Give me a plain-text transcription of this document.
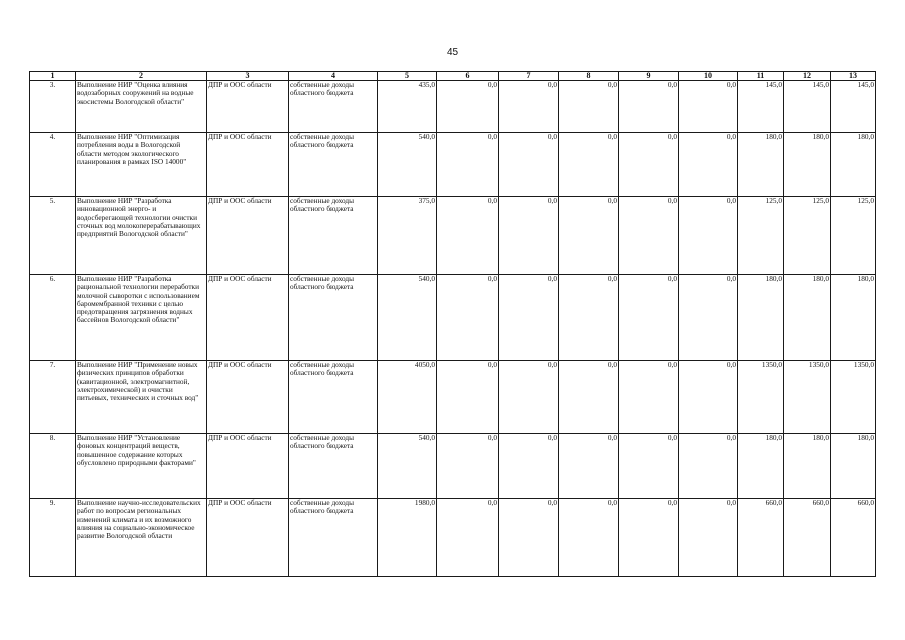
45
1	2	3	4	5	6	7	8	9	10	11	12	13
3.	Выполнение НИР "Оценка влияния водозаборных сооружений на водные экосистемы Вологодской области"	ДПР и ООС области	собственные доходы областного бюджета	435,0	0,0	0,0	0,0	0,0	0,0	145,0	145,0	145,0
4.	Выполнение НИР "Оптимизация потребления воды в Вологодской области методом экологического планирования в рамках ISO 14000"	ДПР и ООС области	собственные доходы областного бюджета	540,0	0,0	0,0	0,0	0,0	0,0	180,0	180,0	180,0
5.	Выполнение НИР "Разработка инновационной энерго- и водосберегающей технологии очистки сточных вод молокоперерабатывающих предприятий Вологодской области"	ДПР и ООС области	собственные доходы областного бюджета	375,0	0,0	0,0	0,0	0,0	0,0	125,0	125,0	125,0
6.	Выполнение НИР "Разработка рациональной технологии переработки молочной сыворотки с использованием баромембранной техники с целью предотвращения загрязнения водных бассейнов Вологодской области"	ДПР и ООС области	собственные доходы областного бюджета	540,0	0,0	0,0	0,0	0,0	0,0	180,0	180,0	180,0
7.	Выполнение НИР "Применение новых физических принципов обработки (кавитационной, электромагнитной, электрохимической) и очистки питьевых, технических и сточных вод"	ДПР и ООС области	собственные доходы областного бюджета	4050,0	0,0	0,0	0,0	0,0	0,0	1350,0	1350,0	1350,0
8.	Выполнение НИР "Установление фоновых концентраций веществ, повышенное содержание которых обусловлено природными факторами"	ДПР и ООС области	собственные доходы областного бюджета	540,0	0,0	0,0	0,0	0,0	0,0	180,0	180,0	180,0
9.	Выполнение научно-исследовательских работ по вопросам региональных изменений климата и их возможного влияния на социально-экономическое развитие Вологодской области	ДПР и ООС области	собственные доходы областного бюджета	1980,0	0,0	0,0	0,0	0,0	0,0	660,0	660,0	660,0
